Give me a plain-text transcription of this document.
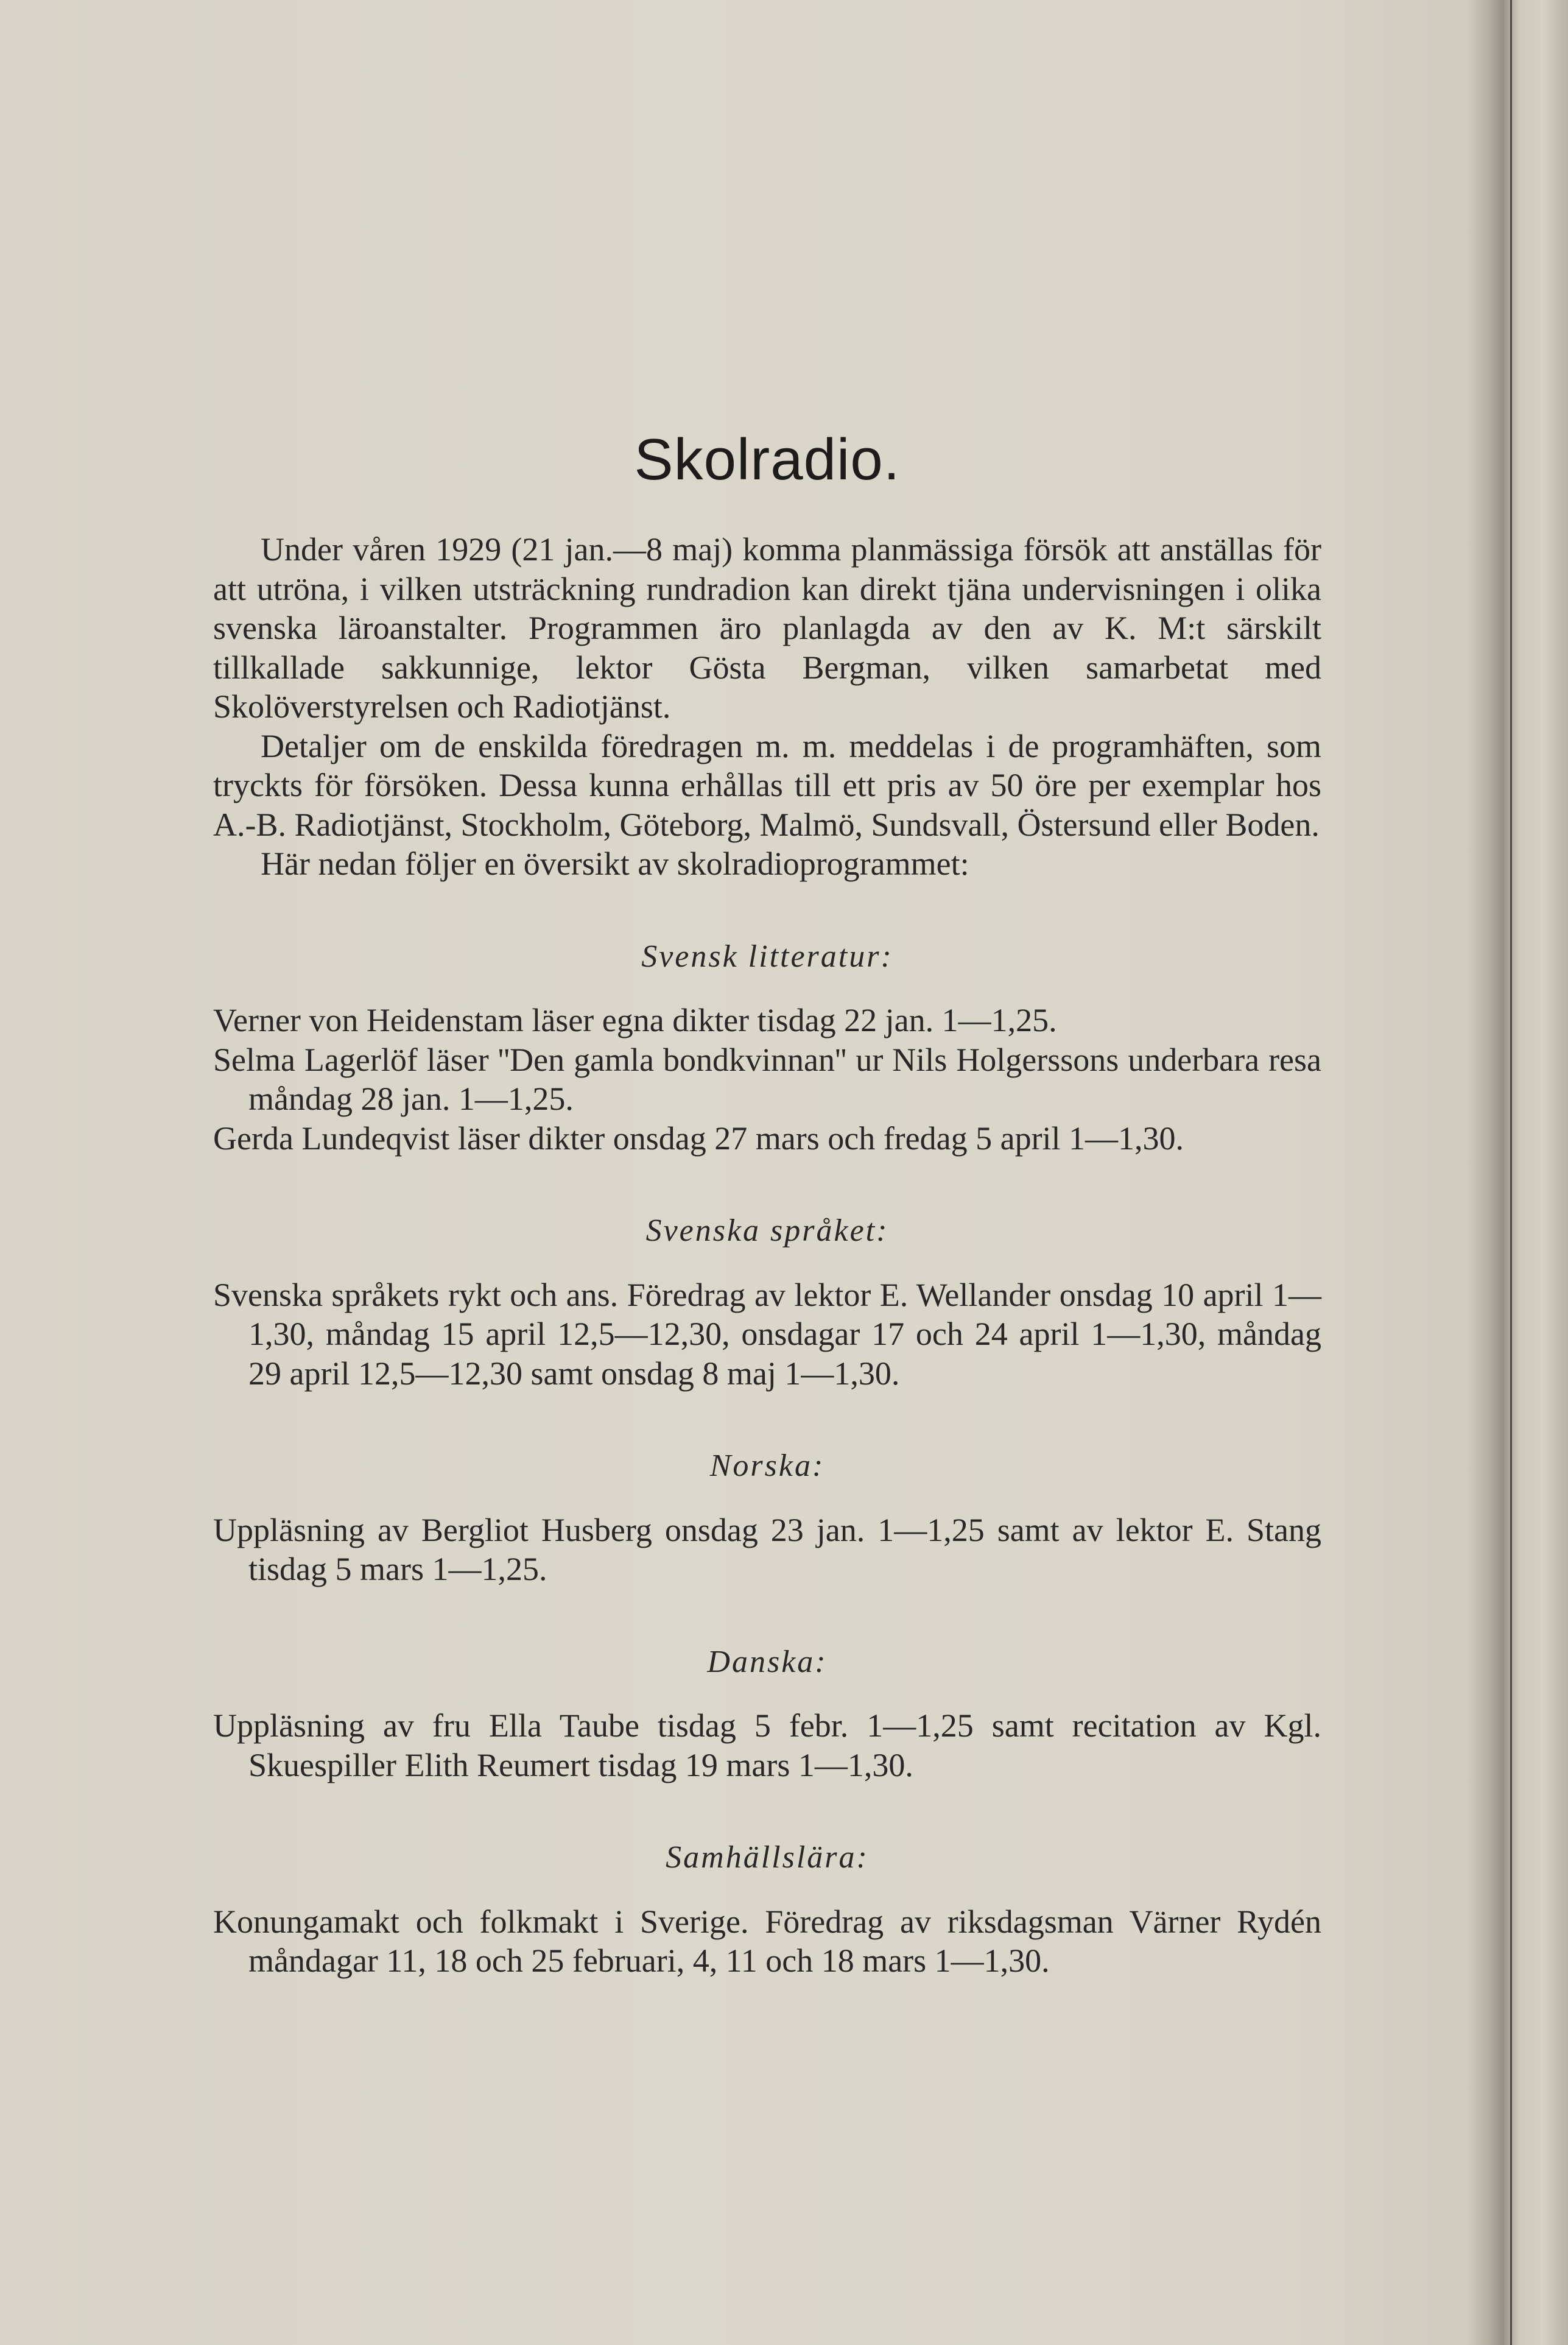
Skolradio.

Under våren 1929 (21 jan.—8 maj) komma planmässiga försök att anställas för att utröna, i vilken utsträckning rundradion kan direkt tjäna undervisningen i olika svenska läroanstalter. Programmen äro planlagda av den av K. M:t särskilt tillkallade sakkunnige, lektor Gösta Bergman, vilken samarbetat med Skolöverstyrelsen och Radiotjänst.

Detaljer om de enskilda föredragen m. m. meddelas i de programhäften, som tryckts för försöken. Dessa kunna erhållas till ett pris av 50 öre per exemplar hos A.-B. Radiotjänst, Stockholm, Göteborg, Malmö, Sundsvall, Östersund eller Boden.

Här nedan följer en översikt av skolradioprogrammet:

Svensk litteratur:

Verner von Heidenstam läser egna dikter tisdag 22 jan. 1—1,25.

Selma Lagerlöf läser ''Den gamla bondkvinnan'' ur Nils Holgerssons underbara resa måndag 28 jan. 1—1,25.

Gerda Lundeqvist läser dikter onsdag 27 mars och fredag 5 april 1—1,30.

Svenska språket:

Svenska språkets rykt och ans. Föredrag av lektor E. Wellander onsdag 10 april 1—1,30, måndag 15 april 12,5—12,30, onsdagar 17 och 24 april 1—1,30, måndag 29 april 12,5—12,30 samt onsdag 8 maj 1—1,30.

Norska:

Uppläsning av Bergliot Husberg onsdag 23 jan. 1—1,25 samt av lektor E. Stang tisdag 5 mars 1—1,25.

Danska:

Uppläsning av fru Ella Taube tisdag 5 febr. 1—1,25 samt recitation av Kgl. Skuespiller Elith Reumert tisdag 19 mars 1—1,30.

Samhällslära:

Konungamakt och folkmakt i Sverige. Föredrag av riksdagsman Värner Rydén måndagar 11, 18 och 25 februari, 4, 11 och 18 mars 1—1,30.
